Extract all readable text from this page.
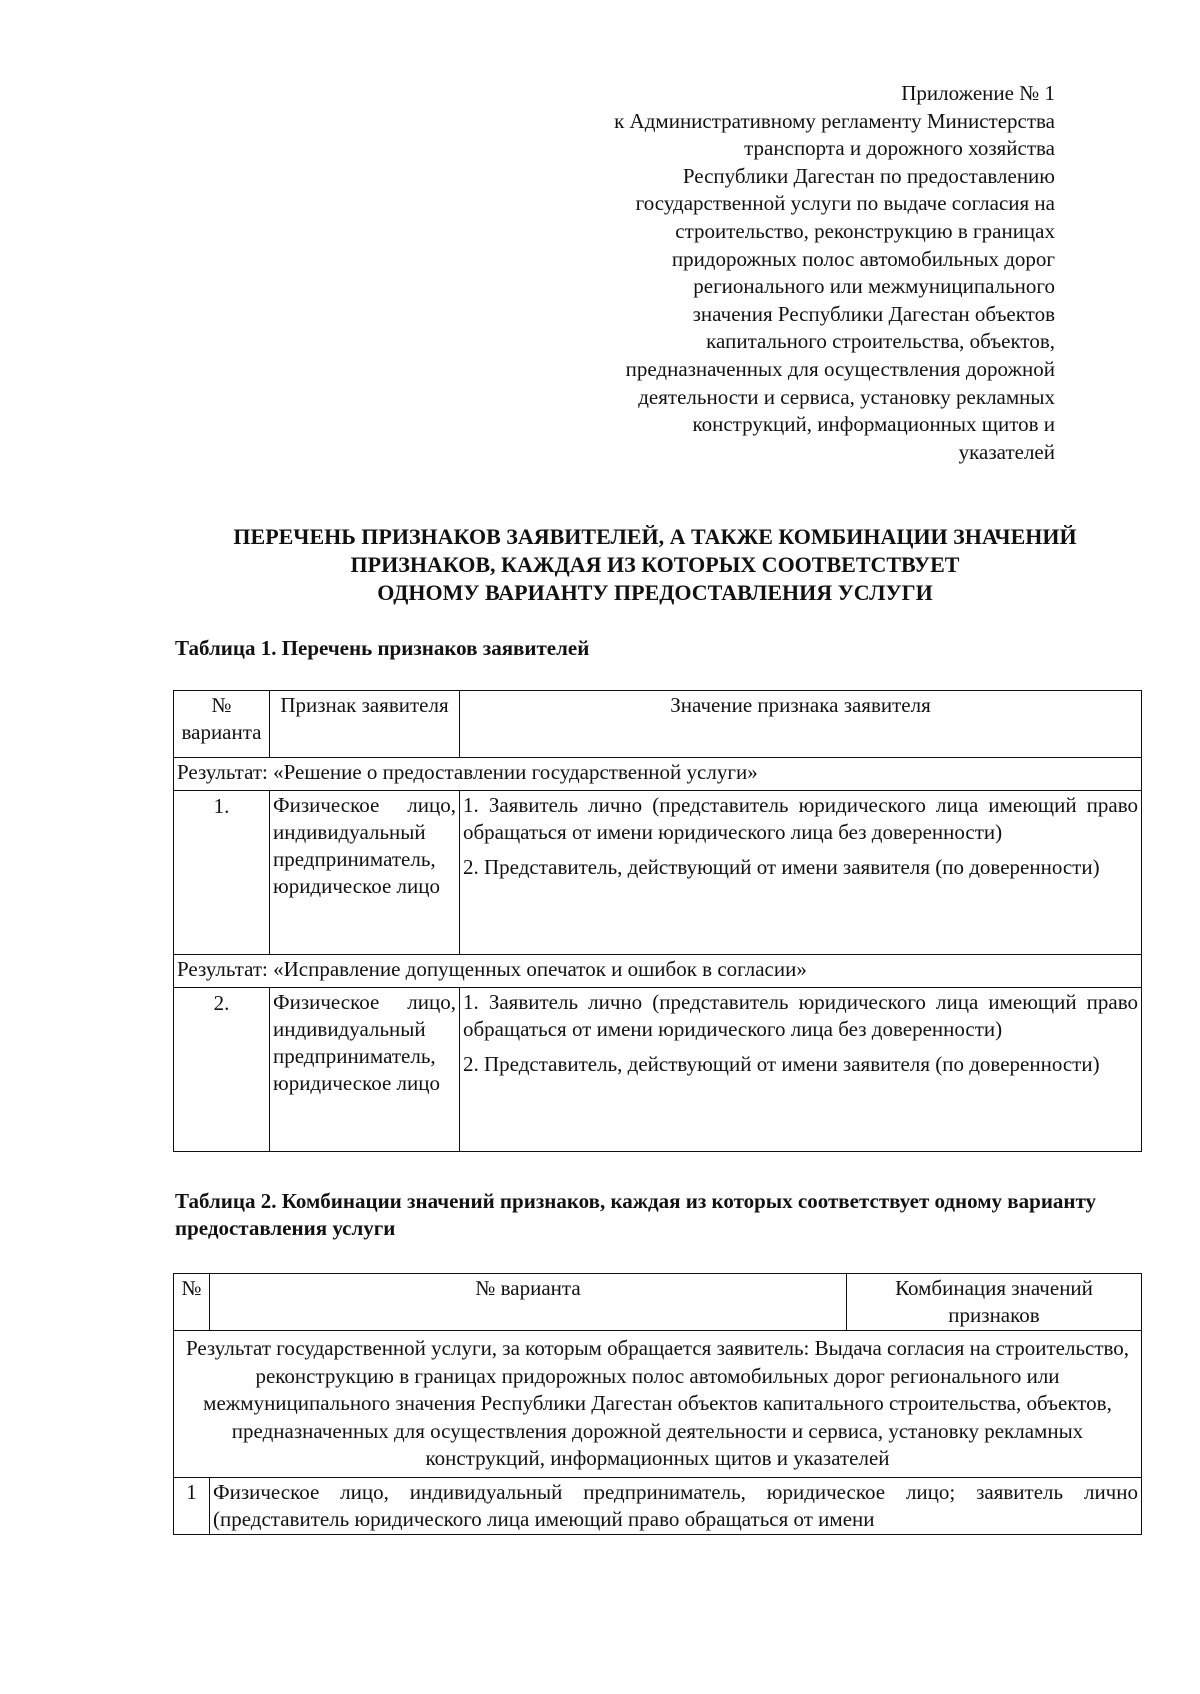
Приложение № 1
к Административному регламенту Министерства
транспорта и дорожного хозяйства
Республики Дагестан по предоставлению
государственной услуги по выдаче согласия на
строительство, реконструкцию в границах
придорожных полос автомобильных дорог
регионального или межмуниципального
значения Республики Дагестан объектов
капитального строительства, объектов,
предназначенных для осуществления дорожной
деятельности и сервиса, установку рекламных
конструкций, информационных щитов и
указателей
ПЕРЕЧЕНЬ ПРИЗНАКОВ ЗАЯВИТЕЛЕЙ, А ТАКЖЕ КОМБИНАЦИИ ЗНАЧЕНИЙ
ПРИЗНАКОВ, КАЖДАЯ ИЗ КОТОРЫХ СООТВЕТСТВУЕТ
ОДНОМУ ВАРИАНТУ ПРЕДОСТАВЛЕНИЯ УСЛУГИ
Таблица 1. Перечень признаков заявителей
№ варианта	Признак заявителя	Значение признака заявителя
Результат: «Решение о предоставлении государственной услуги»		
1.	Физическое лицо, индивидуальный предприниматель, юридическое лицо	1. Заявитель лично (представитель юридического лица имеющий право обращаться от имени юридического лица без доверенности)

2. Представитель, действующий от имени заявителя (по доверенности)

Результат: «Исправление допущенных опечаток и ошибок в согласии»		
2.	Физическое лицо, индивидуальный предприниматель, юридическое лицо	1. Заявитель лично (представитель юридического лица имеющий право обращаться от имени юридического лица без доверенности)

2. Представитель, действующий от имени заявителя (по доверенности)

Таблица 2. Комбинации значений признаков, каждая из которых соответствует одному варианту предоставления услуги
№	№ варианта	Комбинация значений признаков
Результат государственной услуги, за которым обращается заявитель: Выдача согласия на строительство, реконструкцию в границах придорожных полос автомобильных дорог регионального или межмуниципального значения Республики Дагестан объектов капитального строительства, объектов, предназначенных для осуществления дорожной деятельности и сервиса, установку рекламных конструкций, информационных щитов и указателей		
1	Физическое лицо, индивидуальный предприниматель, юридическое лицо; заявитель лично (представитель юридического лица имеющий право обращаться от имени	
